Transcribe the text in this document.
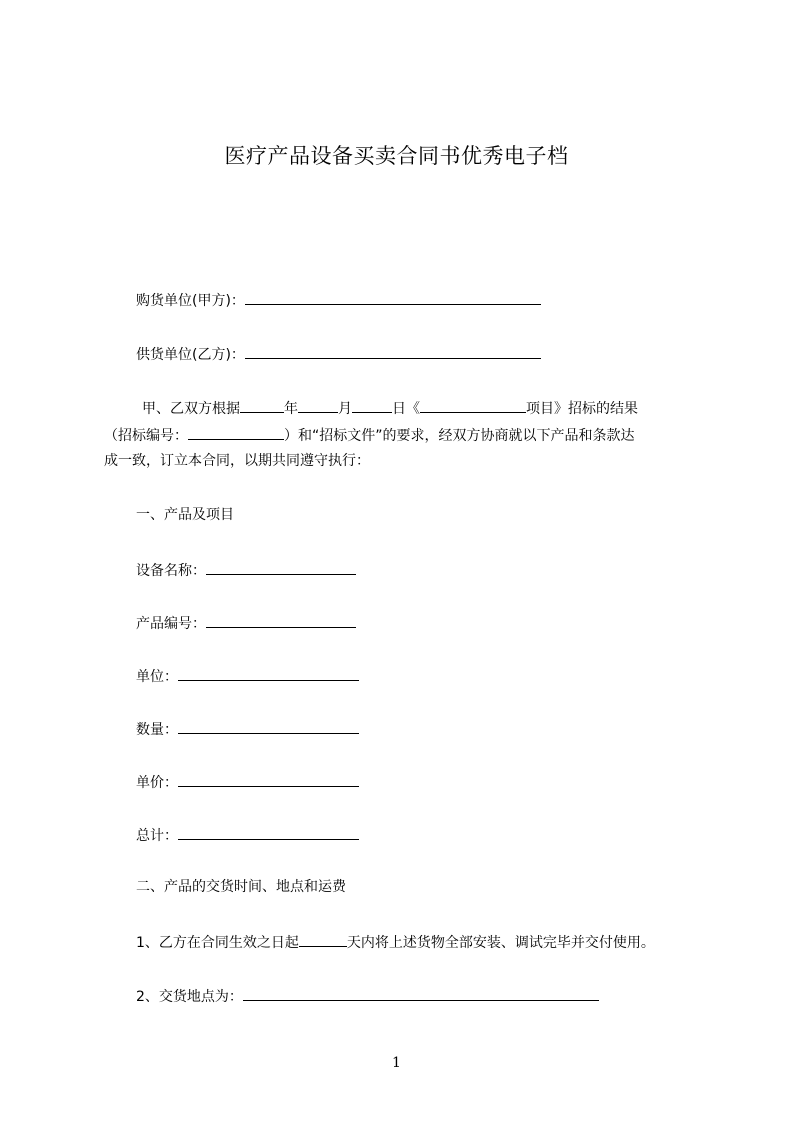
医疗产品设备买卖合同书优秀电子档
购货单位(甲方)：
供货单位(乙方)：
甲、乙双方根据	年	月	日《	项目》招标的结果
（招标编号：	）和“招标文件”的要求，经双方协商就以下产品和条款达
成一致，订立本合同，以期共同遵守执行：
一、产品及项目
设备名称：
产品编号：
单位：
数量：
单价：
总计：
二、产品的交货时间、地点和运费
1、乙方在合同生效之日起	天内将上述货物全部安装、调试完毕并交付使用。
2、交货地点为：
1
